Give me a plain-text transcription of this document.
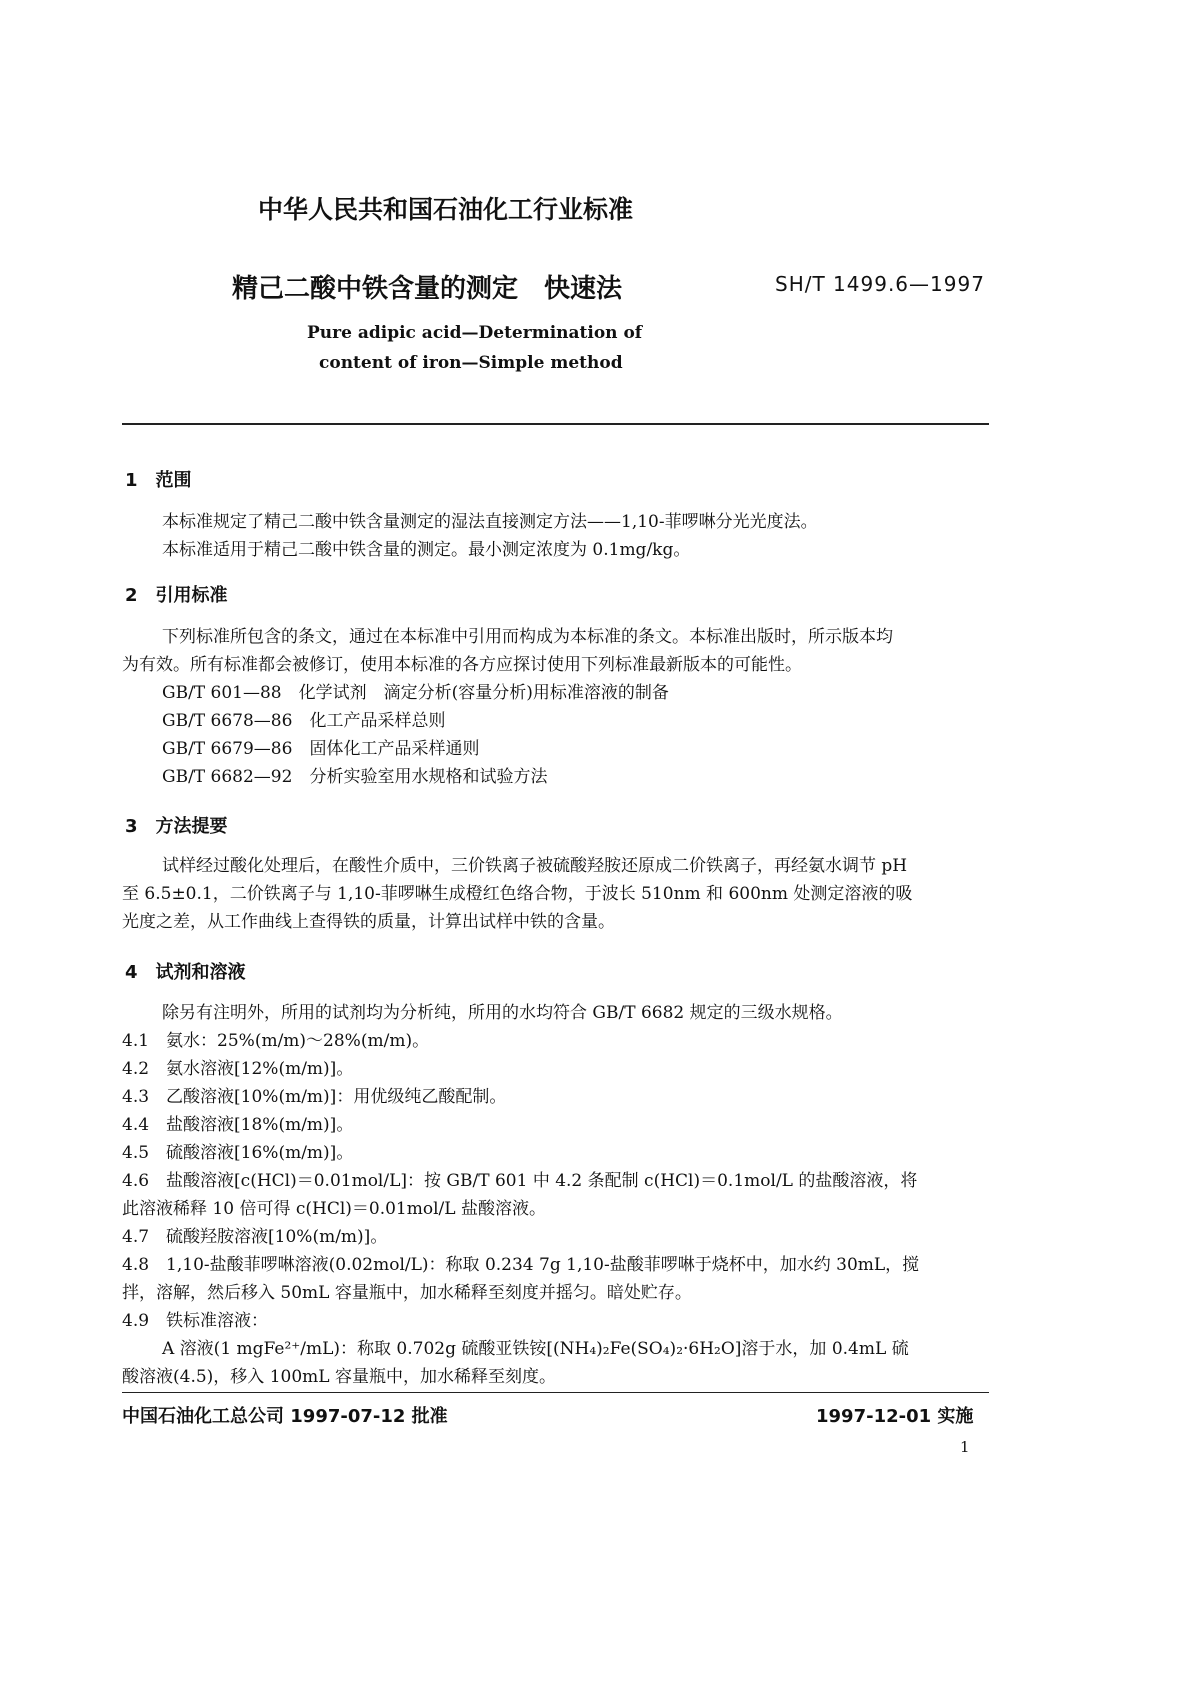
中华人民共和国石油化工行业标准
精己二酸中铁含量的测定　快速法	SH/T 1499.6—1997
Pure adipic acid—Determination of
content of iron—Simple method
1　范围
本标准规定了精己二酸中铁含量测定的湿法直接测定方法——1,10-菲啰啉分光光度法。
本标准适用于精己二酸中铁含量的测定。最小测定浓度为 0.1mg/kg。
2　引用标准
下列标准所包含的条文，通过在本标准中引用而构成为本标准的条文。本标准出版时，所示版本均
为有效。所有标准都会被修订，使用本标准的各方应探讨使用下列标准最新版本的可能性。
GB/T 601—88　化学试剂　滴定分析(容量分析)用标准溶液的制备
GB/T 6678—86　化工产品采样总则
GB/T 6679—86　固体化工产品采样通则
GB/T 6682—92　分析实验室用水规格和试验方法
3　方法提要
试样经过酸化处理后，在酸性介质中，三价铁离子被硫酸羟胺还原成二价铁离子，再经氨水调节 pH
至 6.5±0.1，二价铁离子与 1,10-菲啰啉生成橙红色络合物，于波长 510nm 和 600nm 处测定溶液的吸
光度之差，从工作曲线上查得铁的质量，计算出试样中铁的含量。
4　试剂和溶液
除另有注明外，所用的试剂均为分析纯，所用的水均符合 GB/T 6682 规定的三级水规格。
4.1　氨水：25%(m/m)～28%(m/m)。
4.2　氨水溶液[12%(m/m)]。
4.3　乙酸溶液[10%(m/m)]：用优级纯乙酸配制。
4.4　盐酸溶液[18%(m/m)]。
4.5　硫酸溶液[16%(m/m)]。
4.6　盐酸溶液[c(HCl)＝0.01mol/L]：按 GB/T 601 中 4.2 条配制 c(HCl)＝0.1mol/L 的盐酸溶液，将
此溶液稀释 10 倍可得 c(HCl)＝0.01mol/L 盐酸溶液。
4.7　硫酸羟胺溶液[10%(m/m)]。
4.8　1,10-盐酸菲啰啉溶液(0.02mol/L)：称取 0.234 7g 1,10-盐酸菲啰啉于烧杯中，加水约 30mL，搅
拌，溶解，然后移入 50mL 容量瓶中，加水稀释至刻度并摇匀。暗处贮存。
4.9　铁标准溶液：
A 溶液(1 mgFe²⁺/mL)：称取 0.702g 硫酸亚铁铵[(NH₄)₂Fe(SO₄)₂·6H₂O]溶于水，加 0.4mL 硫
酸溶液(4.5)，移入 100mL 容量瓶中，加水稀释至刻度。
中国石油化工总公司 1997-07-12 批准	1997-12-01 实施
1
